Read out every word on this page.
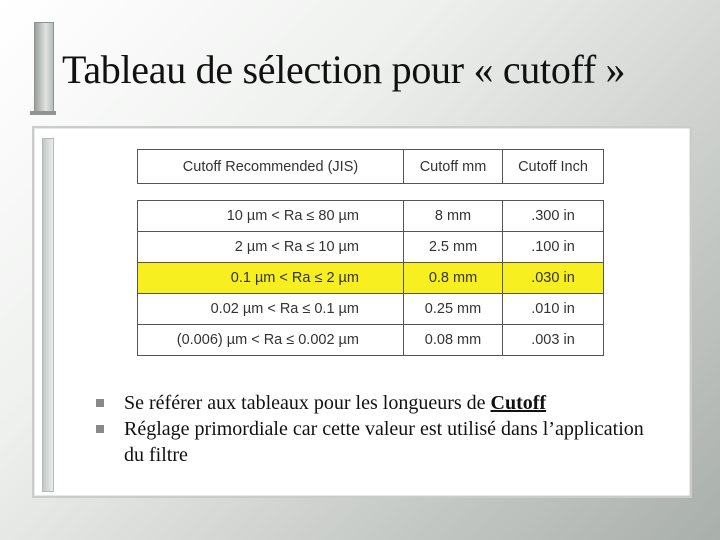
Tableau de sélection pour « cutoff »
Cutoff Recommended (JIS)	Cutoff mm	Cutoff Inch
10 µm < Ra ≤ 80 µm	8 mm	.300 in
2 µm < Ra ≤ 10 µm	2.5 mm	.100 in
0.1 µm < Ra ≤ 2 µm	0.8 mm	.030 in
0.02 µm < Ra ≤ 0.1 µm	0.25 mm	.010 in
(0.006) µm < Ra ≤ 0.002 µm	0.08 mm	.003 in
Se référer aux tableaux pour les longueurs de Cutoff
Réglage primordiale car cette valeur est utilisé dans l’application du filtre
